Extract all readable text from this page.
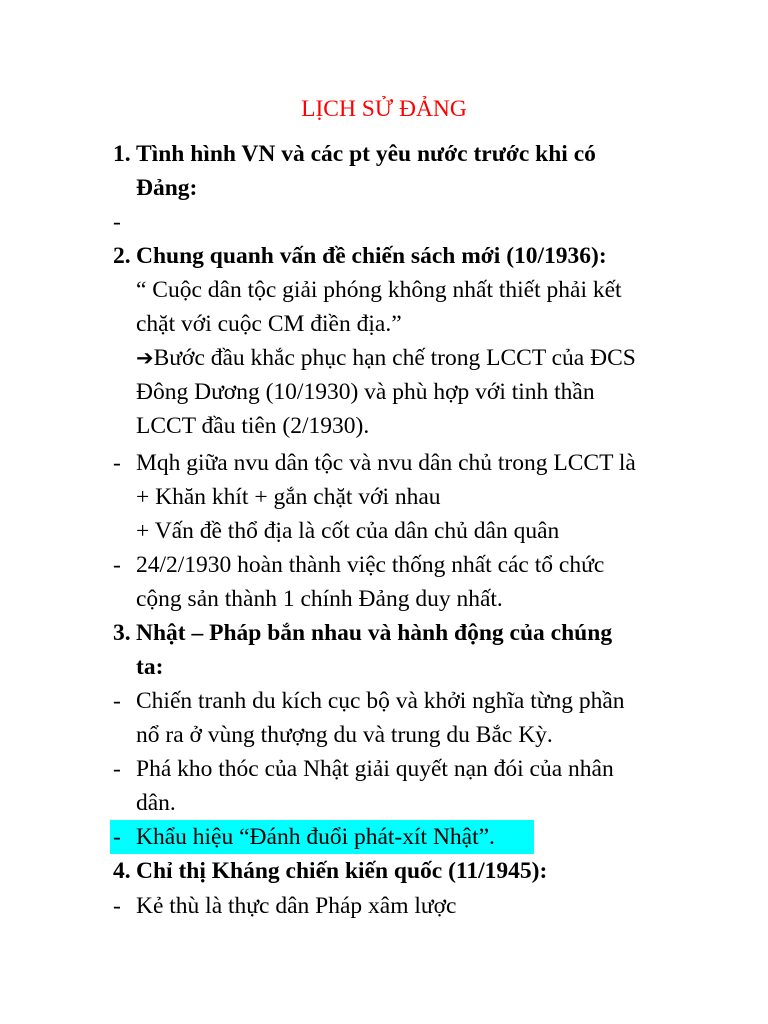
LỊCH SỬ ĐẢNG
1. Tình hình VN và các pt yêu nước trước khi có
Đảng:
-
2. Chung quanh vấn đề chiến sách mới (10/1936):
“ Cuộc dân tộc giải phóng không nhất thiết phải kết
chặt với cuộc CM điền địa.”
➔Bước đầu khắc phục hạn chế trong LCCT của ĐCS
Đông Dương (10/1930) và phù hợp với tinh thần
LCCT đầu tiên (2/1930).
- Mqh giữa nvu dân tộc và nvu dân chủ trong LCCT là
+ Khăn khít + gắn chặt với nhau
+ Vấn đề thổ địa là cốt của dân chủ dân quân
- 24/2/1930 hoàn thành việc thống nhất các tổ chức
cộng sản thành 1 chính Đảng duy nhất.
3. Nhật – Pháp bắn nhau và hành động của chúng
ta:
- Chiến tranh du kích cục bộ và khởi nghĩa từng phần
nổ ra ở vùng thượng du và trung du Bắc Kỳ.
- Phá kho thóc của Nhật giải quyết nạn đói của nhân
dân.
- Khẩu hiệu “Đánh đuổi phát-xít Nhật”.
4. Chỉ thị Kháng chiến kiến quốc (11/1945):
- Kẻ thù là thực dân Pháp xâm lược
